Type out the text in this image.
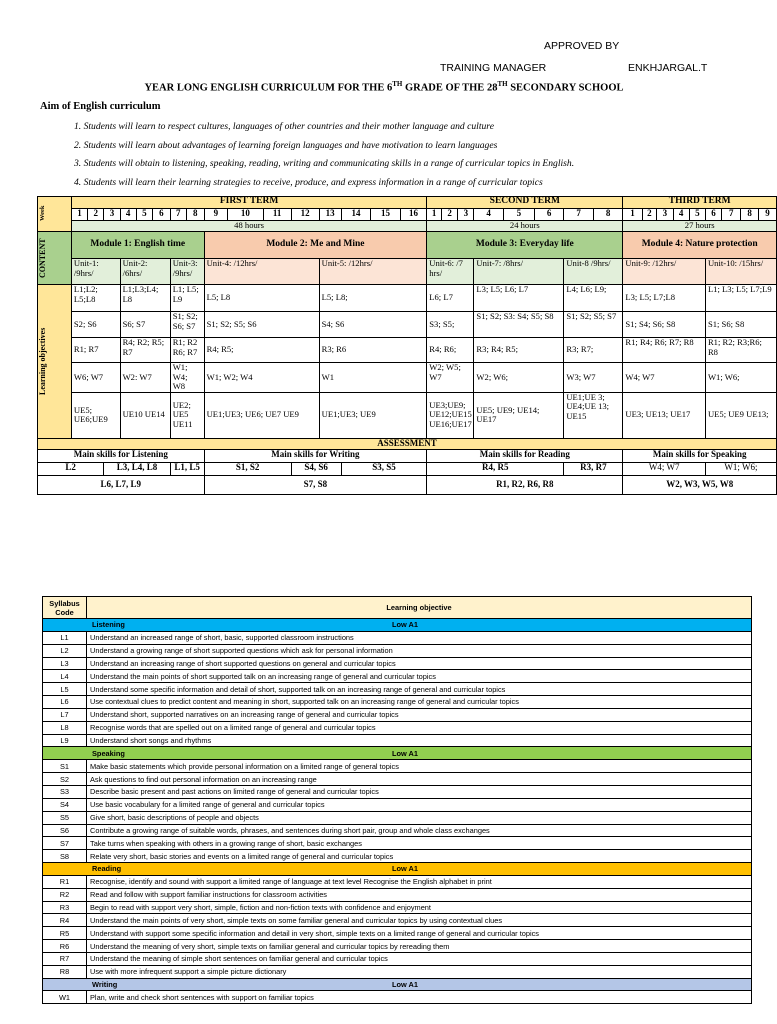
APPROVED BY
TRAINING MANAGER	ENKHJARGAL.T
YEAR LONG ENGLISH CURRICULUM FOR THE 6TH GRADE OF THE 28TH SECONDARY SCHOOL
Aim of English curriculum
1. Students will learn to respect cultures, languages of other countries and their mother language and culture
2. Students will learn about advantages of learning foreign languages and have motivation to learn languages
3. Students will obtain to listening, speaking, reading, writing and communicating skills in a range of curricular topics in English.
4. Students will learn their learning strategies to receive, produce, and express information in a range of curricular topics
Week	FIRST TERM																SECOND TERM								THIRD TERM								
	1	2	3	4	5	6	7	8	9	10	11	12	13	14	15	16	1	2	3	4	5	6	7	8	1	2	3	4	5	6	7	8	9
	48 hours																24 hours								27 hours								

CONTENT	Module 1: English time								Module 2: Me and Mine								Module 3: Everyday life								Module 4: Nature protection								
	Unit-1: /9hrs/			Unit-2: /6hrs/			Unit-3: /9hrs/		Unit-4: /12hrs/				Unit-5: /12hrs/				Unit-6: /7 hrs/			Unit-7: /8hrs/			Unit-8 /9hrs/		Unit-9: /12hrs/					Unit-10: /15hrs/			

Learning objectives	L1;L2; L5;L8			L1;L3;L4; L8			L1; L5; L9		L5; L8				L5; L8;				L6; L7			L3; L5; L6; L7			L4; L6; L9;		L3; L5; L7;L8					L1; L3; L5; L7;L9			
	S2; S6			S6; S7			S1; S2; S6; S7		S1; S2; S5; S6				S4; S6				S3; S5;			S1; S2; S3: S4; S5; S8			S1; S2; S5; S7		S1; S4; S6; S8					S1; S6; S8			
	R1; R7			R4; R2; R5; R7			R1; R2 R6; R7		R4; R5;				R3; R6				R4; R6;			R3; R4; R5;			R3; R7;		R1; R4; R6; R7; R8					R1; R2; R3;R6; R8			
	W6; W7			W2: W7			W1; W4; W8		W1; W2; W4				W1				W2; W5; W7			W2; W6;			W3; W7		W4; W7					W1; W6;			
	UE5; UE6;UE9			UE10 UE14			UE2; UE5 UE11		UE1;UE3; UE6; UE7 UE9				UE1;UE3; UE9				UE3;UE9; UE12;UE15 UE16;UE17			UE5; UE9; UE14; UE17			UE1;UE 3; UE4;UE 13; UE15		UE3; UE13; UE17					UE5; UE9 UE13;			
ASSESSMENT																																	
Main skills for Listening									Main skills for Writing								Main skills for Reading								Main skills for Speaking								
L2			L3, L4, L8				L1, L5		S1, S2			S4, S6		S3, S5			R4, R5						R3, R7		W4; W7					W1; W6;			
L6, L7, L9									S7, S8								R1, R2, R6, R8								W2, W3, W5, W8								
Syllabus Code	Learning objective
Listening Low A1	
L1	Understand an increased range of short, basic, supported classroom instructions
L2	Understand a growing range of short supported questions which ask for personal information
L3	Understand an increasing range of short supported questions on general and curricular topics
L4	Understand the main points of short supported talk on an increasing range of general and curricular topics
L5	Understand some specific information and detail of short, supported talk on an increasing range of general and curricular topics
L6	Use contextual clues to predict content and meaning in short, supported talk on an increasing range of general and curricular topics
L7	Understand short, supported narratives on an increasing range of general and curricular topics
L8	Recognise words that are spelled out on a limited range of general and curricular topics
L9	Understand short songs and rhythms
Speaking Low A1	
S1	Make basic statements which provide personal information on a limited range of general topics
S2	Ask questions to find out personal information on an increasing range
S3	Describe basic present and past actions on limited range of general and curricular topics
S4	Use basic vocabulary for a limited range of general and curricular topics
S5	Give short, basic descriptions of people and objects
S6	Contribute a growing range of suitable words, phrases, and sentences during short pair, group and whole class exchanges
S7	Take turns when speaking with others in a growing range of short, basic exchanges
S8	Relate very short, basic stories and events on a limited range of general and curricular topics
Reading Low A1	
R1	Recognise, identify and sound with support a limited range of language at text level Recognise the English alphabet in print
R2	Read and follow with support familiar instructions for classroom activities
R3	Begin to read with support very short, simple, fiction and non-fiction texts with confidence and enjoyment
R4	Understand the main points of very short, simple texts on some familiar general and curricular topics by using contextual clues
R5	Understand with support some specific information and detail in very short, simple texts on a limited range of general and curricular topics
R6	Understand the meaning of very short, simple texts on familiar general and curricular topics by rereading them
R7	Understand the meaning of simple short sentences on familiar general and curricular topics
R8	Use with more infrequent support a simple picture dictionary
Writing Low A1	
W1	Plan, write and check short sentences with support on familiar topics
